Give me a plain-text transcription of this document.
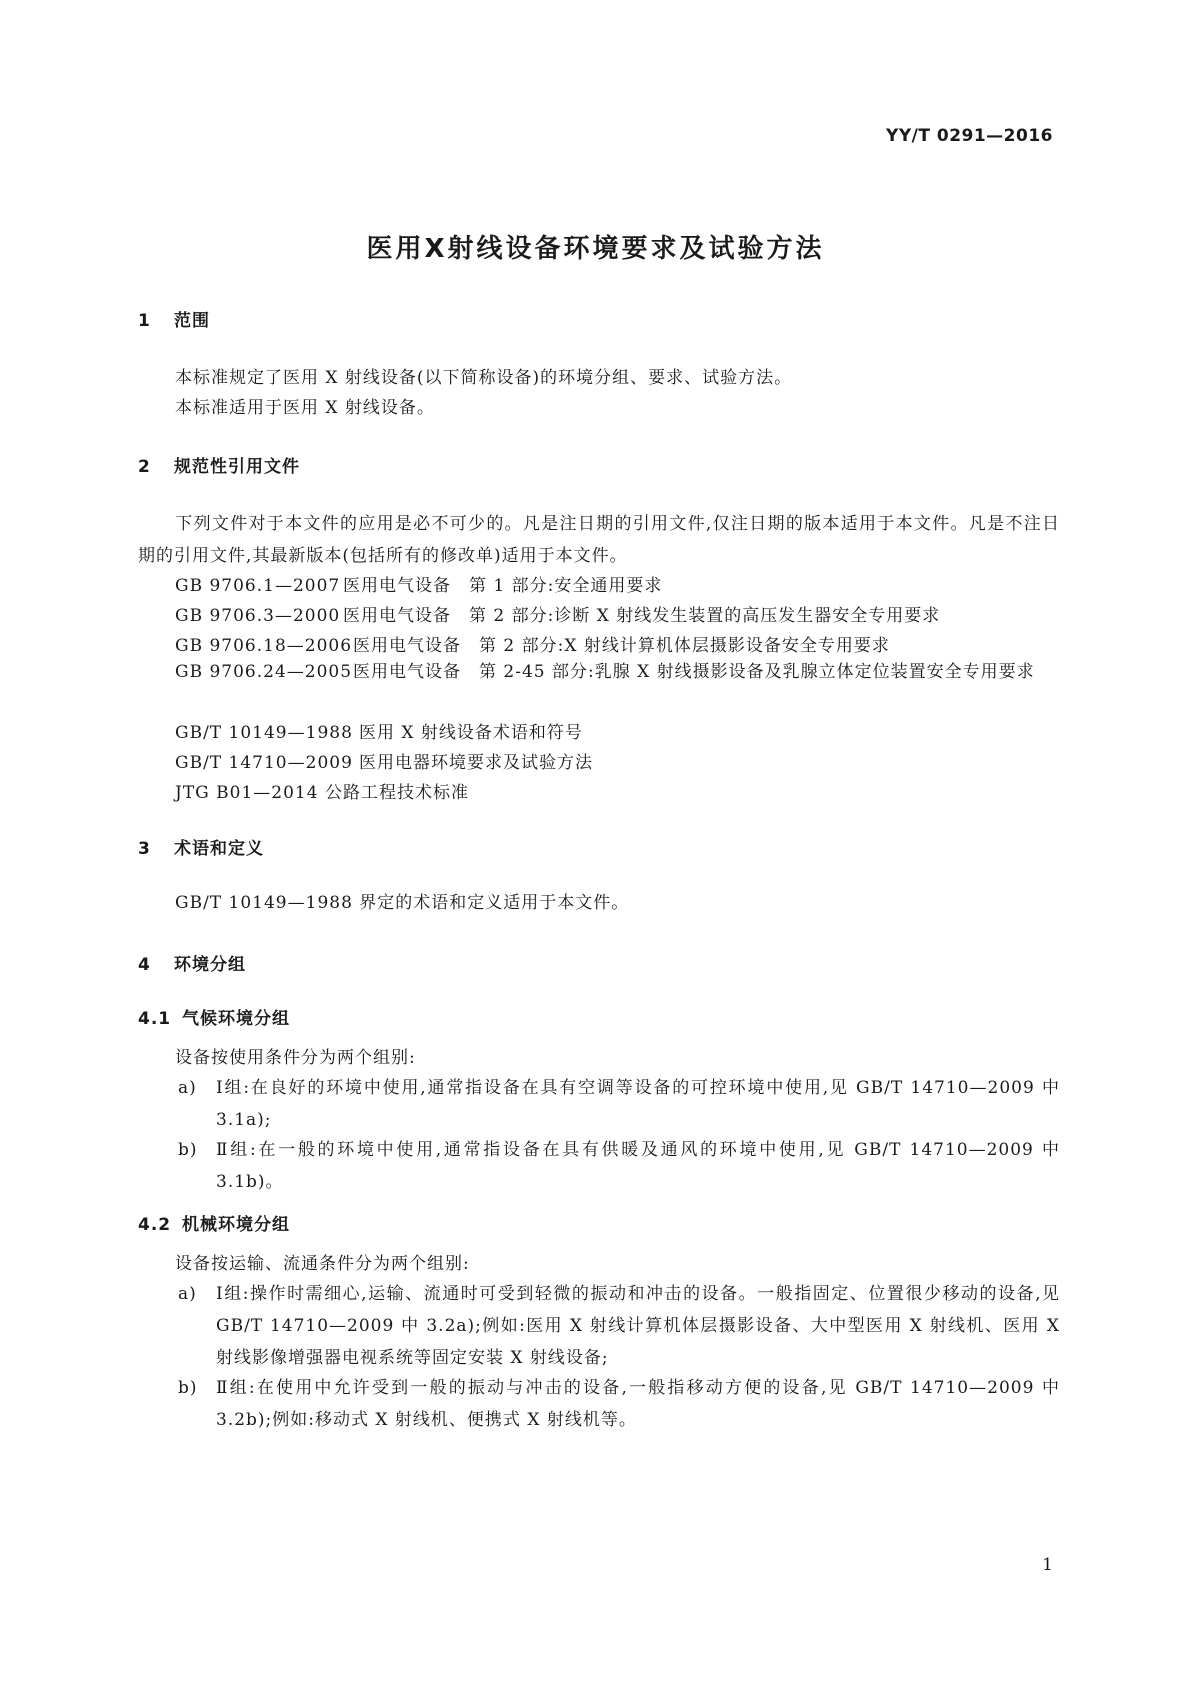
YY/T 0291—2016
医用X射线设备环境要求及试验方法
1 范围
本标准规定了医用 X 射线设备(以下简称设备)的环境分组、要求、试验方法。
本标准适用于医用 X 射线设备。
2 规范性引用文件
下列文件对于本文件的应用是必不可少的。凡是注日期的引用文件,仅注日期的版本适用于本文件。凡是不注日期的引用文件,其最新版本(包括所有的修改单)适用于本文件。
GB 9706.1—2007 医用电气设备　第 1 部分:安全通用要求
GB 9706.3—2000 医用电气设备　第 2 部分:诊断 X 射线发生装置的高压发生器安全专用要求
GB 9706.18—2006医用电气设备　第 2 部分:X 射线计算机体层摄影设备安全专用要求
GB 9706.24—2005医用电气设备　第 2-45 部分:乳腺 X 射线摄影设备及乳腺立体定位装置安全专用要求
GB/T 10149—1988 医用 X 射线设备术语和符号
GB/T 14710—2009 医用电器环境要求及试验方法
JTG B01—2014 公路工程技术标准
3 术语和定义
GB/T 10149—1988 界定的术语和定义适用于本文件。
4 环境分组
4.1 气候环境分组
设备按使用条件分为两个组别:
a) Ⅰ组:在良好的环境中使用,通常指设备在具有空调等设备的可控环境中使用,见 GB/T 14710—2009 中 3.1a);
b) Ⅱ组:在一般的环境中使用,通常指设备在具有供暖及通风的环境中使用,见 GB/T 14710—2009 中 3.1b)。
4.2 机械环境分组
设备按运输、流通条件分为两个组别:
a) Ⅰ组:操作时需细心,运输、流通时可受到轻微的振动和冲击的设备。一般指固定、位置很少移动的设备,见 GB/T 14710—2009 中 3.2a);例如:医用 X 射线计算机体层摄影设备、大中型医用 X 射线机、医用 X 射线影像增强器电视系统等固定安装 X 射线设备;
b) Ⅱ组:在使用中允许受到一般的振动与冲击的设备,一般指移动方便的设备,见 GB/T 14710—2009 中 3.2b);例如:移动式 X 射线机、便携式 X 射线机等。
1
